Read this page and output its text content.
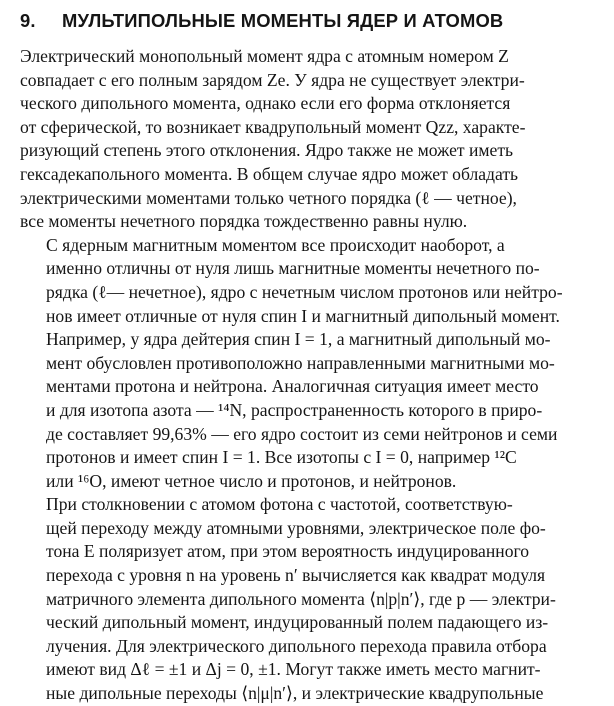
9.	МУЛЬТИПОЛЬНЫЕ МОМЕНТЫ ЯДЕР И АТОМОВ
Электрический монопольный момент ядра с атомным номером Z
совпадает с его полным зарядом Ze. У ядра не существует электри-
ческого дипольного момента, однако если его форма отклоняется
от сферической, то возникает квадрупольный момент Qzz, характе-
ризующий степень этого отклонения. Ядро также не может иметь
гексадекапольного момента. В общем случае ядро может обладать
электрическими моментами только четного порядка (ℓ — четное),
все моменты нечетного порядка тождественно равны нулю.
С ядерным магнитным моментом все происходит наоборот, а
именно отличны от нуля лишь магнитные моменты нечетного по-
рядка (ℓ— нечетное), ядро с нечетным числом протонов или нейтро-
нов имеет отличные от нуля спин I и магнитный дипольный момент.
Например, у ядра дейтерия спин I = 1, а магнитный дипольный мо-
мент обусловлен противоположно направленными магнитными мо-
ментами протона и нейтрона. Аналогичная ситуация имеет место
и для изотопа азота — ¹⁴N, распространенность которого в приро-
де составляет 99,63% — его ядро состоит из семи нейтронов и семи
протонов и имеет спин I = 1. Все изотопы с I = 0, например ¹²C
или ¹⁶O, имеют четное число и протонов, и нейтронов.
При столкновении с атомом фотона с частотой, соответствую-
щей переходу между атомными уровнями, электрическое поле фо-
тона E поляризует атом, при этом вероятность индуцированного
перехода с уровня n на уровень n′ вычисляется как квадрат модуля
матричного элемента дипольного момента ⟨n|p|n′⟩, где p — электри-
ческий дипольный момент, индуцированный полем падающего из-
лучения. Для электрического дипольного перехода правила отбора
имеют вид Δℓ = ±1 и Δj = 0, ±1. Могут также иметь место магнит-
ные дипольные переходы ⟨n|μ|n′⟩, и электрические квадрупольные
